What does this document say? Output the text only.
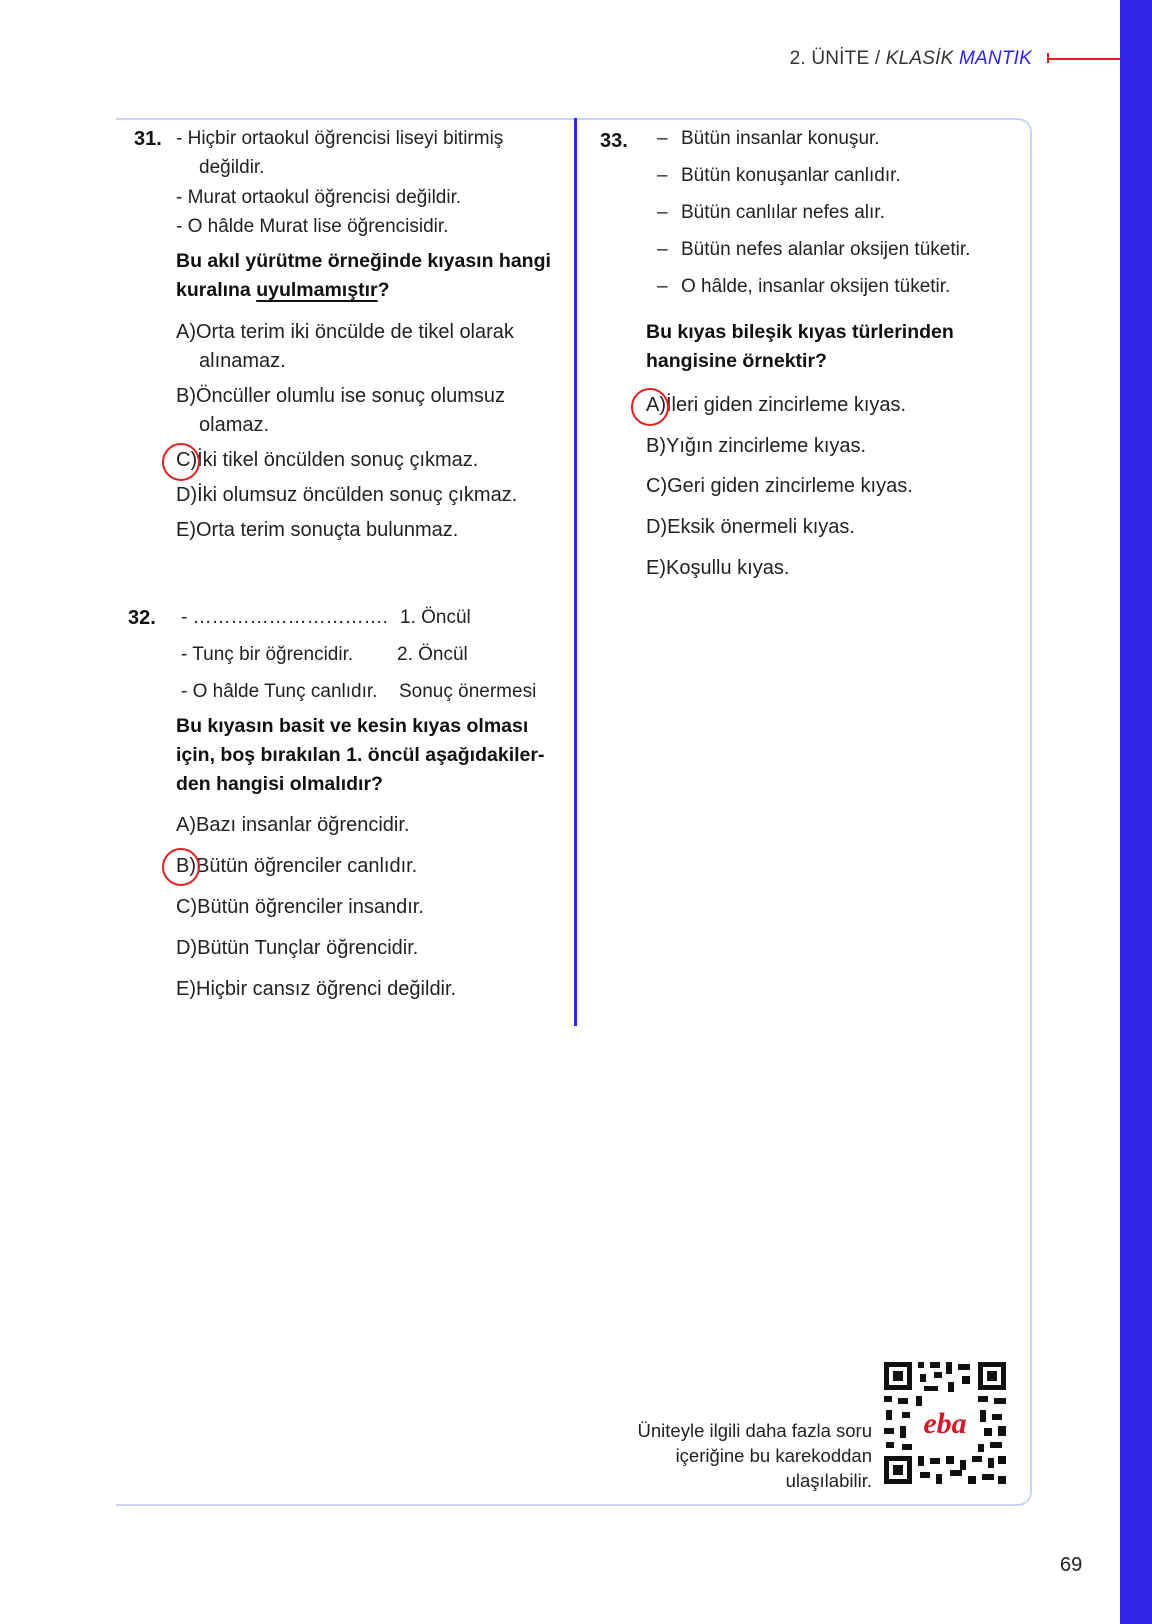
2. ÜNİTE / KLASİK MANTIK
31. - Hiçbir ortaokul öğrencisi liseyi bitirmiş
değildir.
- Murat ortaokul öğrencisi değildir.
- O hâlde Murat lise öğrencisidir.
Bu akıl yürütme örneğinde kıyasın hangi
kuralına uyulmamıştır?
A)Orta terim iki öncülde de tikel olarak
alınamaz.
B)Öncüller olumlu ise sonuç olumsuz
olamaz.
C)İki tikel öncülden sonuç çıkmaz.
D)İki olumsuz öncülden sonuç çıkmaz.
E)Orta terim sonuçta bulunmaz.
32. - …………………………. 1. Öncül
- Tunç bir öğrencidir. 2. Öncül
- O hâlde Tunç canlıdır. Sonuç önermesi
Bu kıyasın basit ve kesin kıyas olması
için, boş bırakılan 1. öncül aşağıdakiler-
den hangisi olmalıdır?
A)Bazı insanlar öğrencidir.
B)Bütün öğrenciler canlıdır.
C)Bütün öğrenciler insandır.
D)Bütün Tunçlar öğrencidir.
E)Hiçbir cansız öğrenci değildir.
33. – Bütün insanlar konuşur.
– Bütün konuşanlar canlıdır.
– Bütün canlılar nefes alır.
– Bütün nefes alanlar oksijen tüketir.
– O hâlde, insanlar oksijen tüketir.
Bu kıyas bileşik kıyas türlerinden
hangisine örnektir?
A)İleri giden zincirleme kıyas.
B)Yığın zincirleme kıyas.
C)Geri giden zincirleme kıyas.
D)Eksik önermeli kıyas.
E)Koşullu kıyas.
Üniteyle ilgili daha fazla soru
içeriğine bu karekoddan
ulaşılabilir.
eba
69
